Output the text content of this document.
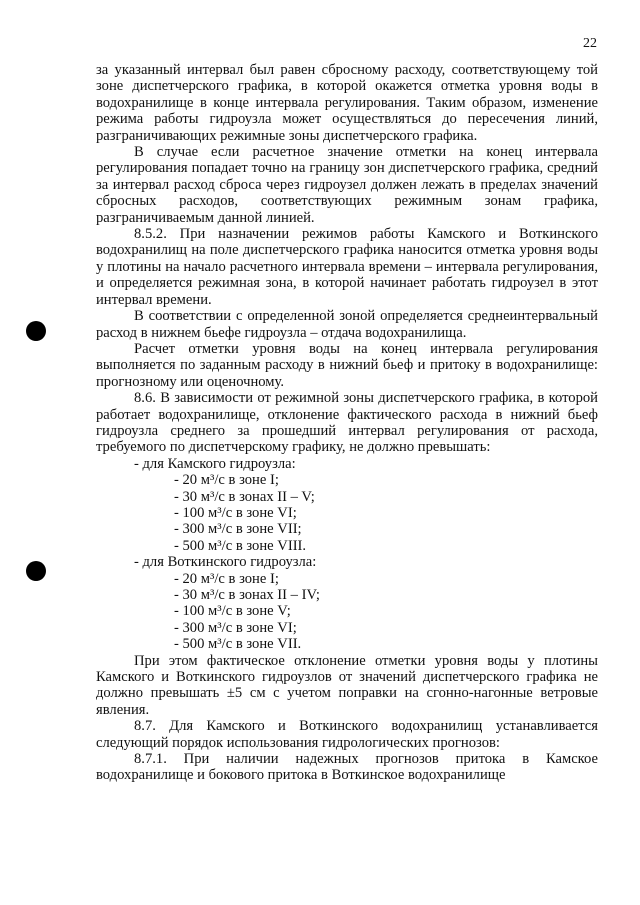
22

за указанный интервал был равен сбросному расходу, соответствующему той зоне диспетчерского графика, в которой окажется отметка уровня воды в водохранилище в конце интервала регулирования. Таким образом, изменение режима работы гидроузла может осуществляться до пересечения линий, разграничивающих режимные зоны диспетчерского графика.

В случае если расчетное значение отметки на конец интервала регулирования попадает точно на границу зон диспетчерского графика, средний за интервал расход сброса через гидроузел должен лежать в пределах значений сбросных расходов, соответствующих режимным зонам графика, разграничиваемым данной линией.

8.5.2. При назначении режимов работы Камского и Воткинского водохранилищ на поле диспетчерского графика наносится отметка уровня воды у плотины на начало расчетного интервала времени – интервала регулирования, и определяется режимная зона, в которой начинает работать гидроузел в этот интервал времени.

В соответствии с определенной зоной определяется среднеинтервальный расход в нижнем бьефе гидроузла – отдача водохранилища.

Расчет отметки уровня воды на конец интервала регулирования выполняется по заданным расходу в нижний бьеф и притоку в водохранилище: прогнозному или оценочному.

8.6. В зависимости от режимной зоны диспетчерского графика, в которой работает водохранилище, отклонение фактического расхода в нижний бьеф гидроузла среднего за прошедший интервал регулирования от расхода, требуемого по диспетчерскому графику, не должно превышать:

- для Камского гидроузла:
- 20 м³/с в зоне I;
- 30 м³/с в зонах II – V;
- 100 м³/с в зоне VI;
- 300 м³/с в зоне VII;
- 500 м³/с в зоне VIII.
- для Воткинского гидроузла:
- 20 м³/с в зоне I;
- 30 м³/с в зонах II – IV;
- 100 м³/с в зоне V;
- 300 м³/с в зоне VI;
- 500 м³/с в зоне VII.

При этом фактическое отклонение отметки уровня воды у плотины Камского и Воткинского гидроузлов от значений диспетчерского графика не должно превышать ±5 см с учетом поправки на сгонно-нагонные ветровые явления.

8.7. Для Камского и Воткинского водохранилищ устанавливается следующий порядок использования гидрологических прогнозов:

8.7.1. При наличии надежных прогнозов притока в Камское водохранилище и бокового притока в Воткинское водохранилище
